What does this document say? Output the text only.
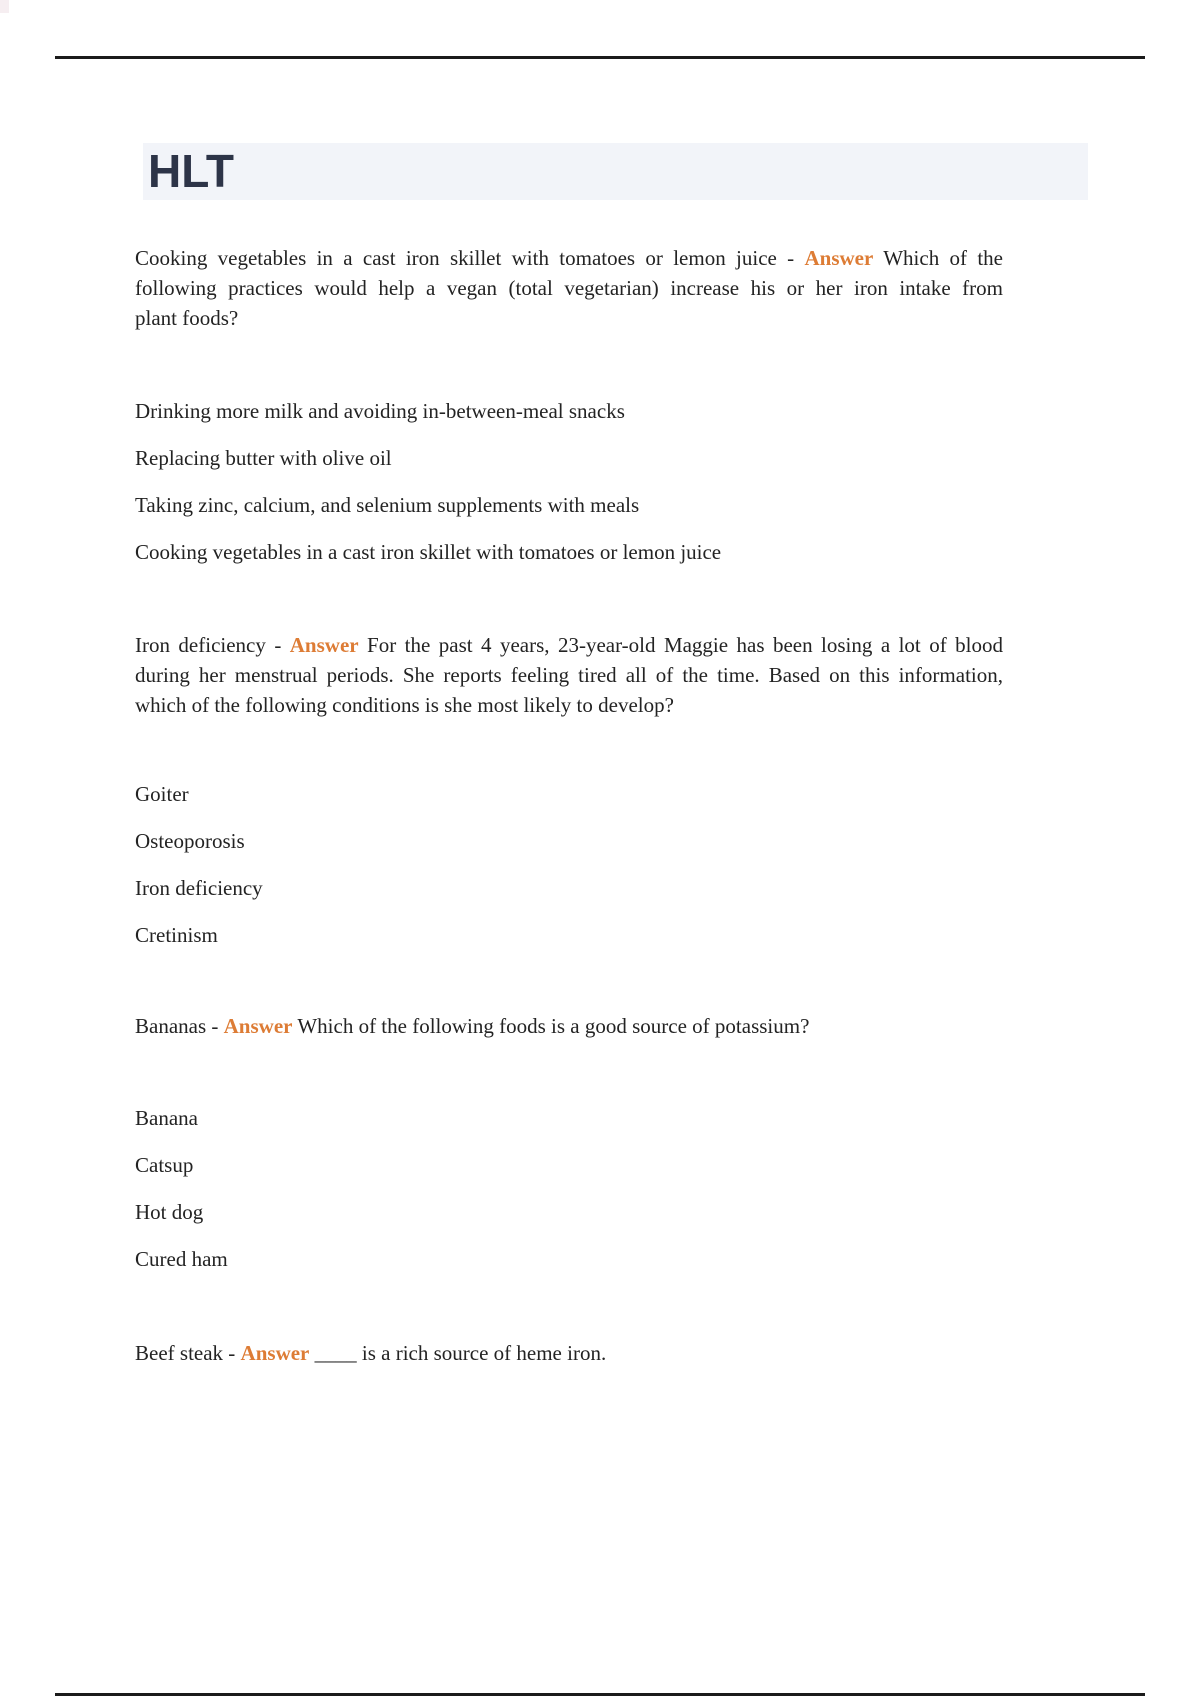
HLT
Cooking vegetables in a cast iron skillet with tomatoes or lemon juice - Answer Which of the
following practices would help a vegan (total vegetarian) increase his or her iron intake from
plant foods?

Drinking more milk and avoiding in-between-meal snacks

Replacing butter with olive oil

Taking zinc, calcium, and selenium supplements with meals

Cooking vegetables in a cast iron skillet with tomatoes or lemon juice

Iron deficiency - Answer For the past 4 years, 23-year-old Maggie has been losing a lot of blood
during her menstrual periods. She reports feeling tired all of the time. Based on this information,
which of the following conditions is she most likely to develop?

Goiter

Osteoporosis

Iron deficiency

Cretinism

Bananas - Answer Which of the following foods is a good source of potassium?

Banana

Catsup

Hot dog

Cured ham

Beef steak - Answer ____ is a rich source of heme iron.
